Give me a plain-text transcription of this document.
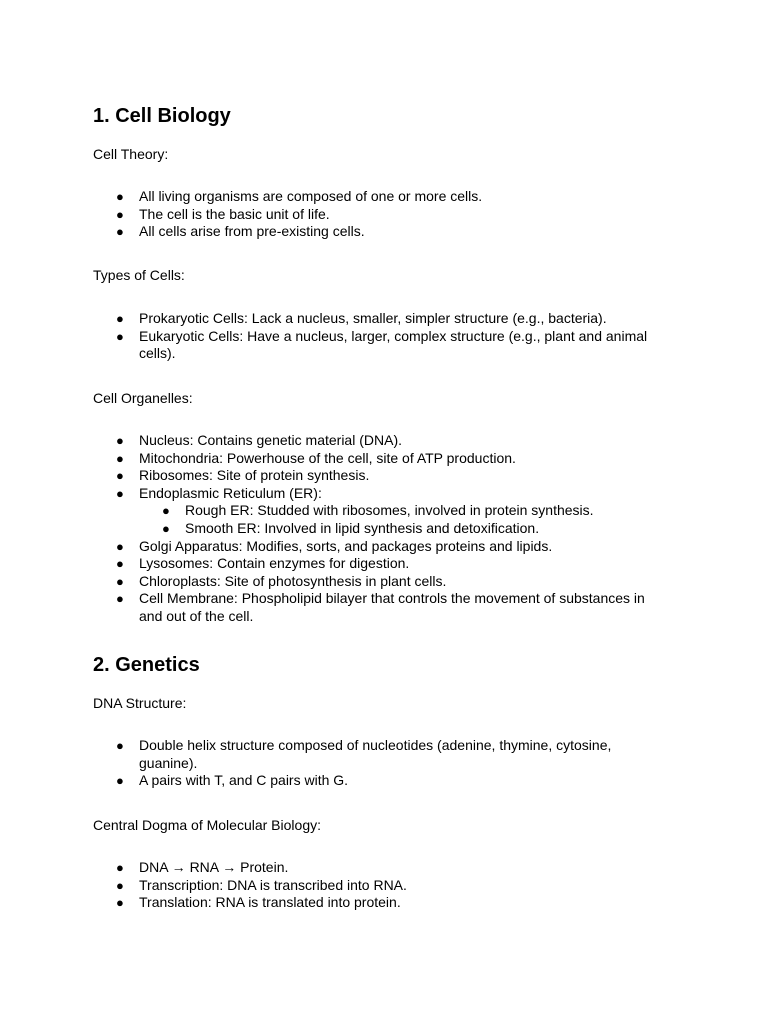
1. Cell Biology

Cell Theory:

● All living organisms are composed of one or more cells.
● The cell is the basic unit of life.
● All cells arise from pre-existing cells.

Types of Cells:

● Prokaryotic Cells: Lack a nucleus, smaller, simpler structure (e.g., bacteria).
● Eukaryotic Cells: Have a nucleus, larger, complex structure (e.g., plant and animal cells).

Cell Organelles:

● Nucleus: Contains genetic material (DNA).
● Mitochondria: Powerhouse of the cell, site of ATP production.
● Ribosomes: Site of protein synthesis.
● Endoplasmic Reticulum (ER):
● Rough ER: Studded with ribosomes, involved in protein synthesis.
● Smooth ER: Involved in lipid synthesis and detoxification.
● Golgi Apparatus: Modifies, sorts, and packages proteins and lipids.
● Lysosomes: Contain enzymes for digestion.
● Chloroplasts: Site of photosynthesis in plant cells.
● Cell Membrane: Phospholipid bilayer that controls the movement of substances in and out of the cell.
2. Genetics

DNA Structure:

● Double helix structure composed of nucleotides (adenine, thymine, cytosine, guanine).
● A pairs with T, and C pairs with G.

Central Dogma of Molecular Biology:

● DNA → RNA → Protein.
● Transcription: DNA is transcribed into RNA.
● Translation: RNA is translated into protein.
